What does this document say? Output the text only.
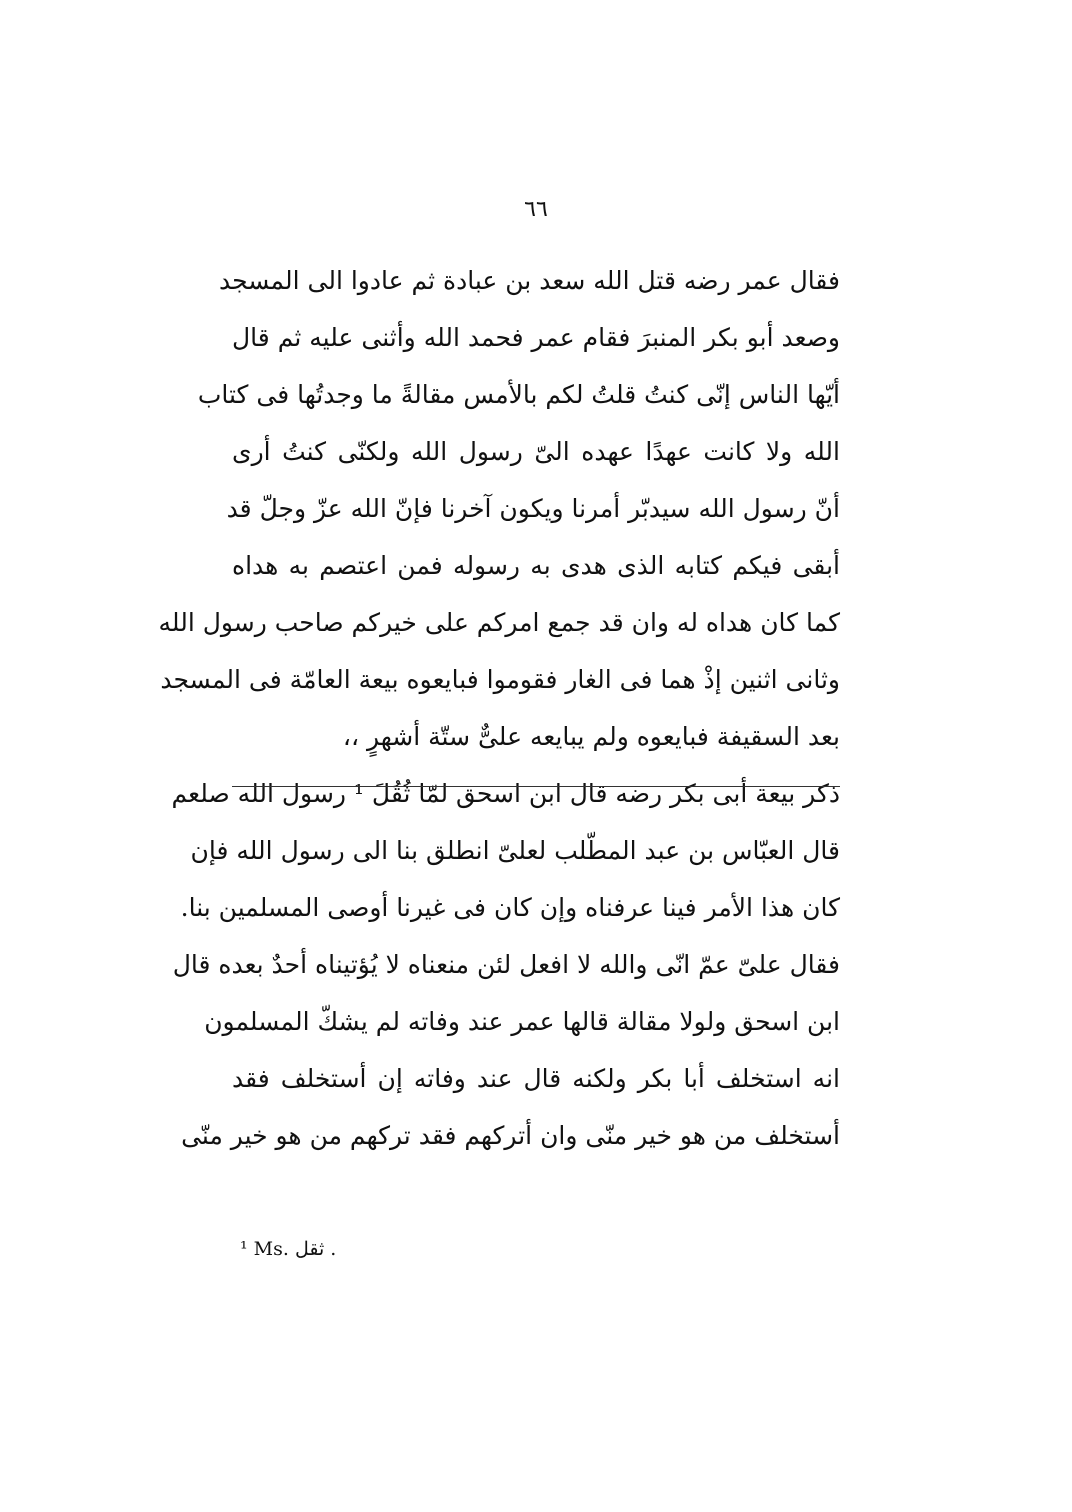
٦٦
فقال عمر رضه قتل الله سعد بن عبادة ثم عادوا الى المسجد
وصعد أبو بكر المنبرَ فقام عمر فحمد الله وأثنى عليه ثم قال
أيّها الناس إنّى كنتُ قلتُ لكم بالأمس مقالةً ما وجدتُها فى كتاب
الله ولا كانت عهدًا عهده الىّ رسول الله ولكنّى كنتُ أرى
أنّ رسول الله سيدبّر أمرنا ويكون آخرنا فإنّ الله عزّ وجلّ قد
أبقى فيكم كتابه الذى هدى به رسوله فمن اعتصم به هداه
كما كان هداه له وان قد جمع امركم على خيركم صاحب رسول الله
وثانى اثنين إذْ هما فى الغار فقوموا فبايعوه بيعة العامّة فى المسجد
بعد السقيفة فبايعوه ولم يبايعه علىٌّ ستّة أشهرٍ ،،
ذكر بيعة أبى بكر رضه قال ابن اسحق لمّا ثُقُلَ ¹ رسول الله صلعم
قال العبّاس بن عبد المطّلب لعلىّ انطلق بنا الى رسول الله فإن
كان هذا الأمر فينا عرفناه وإن كان فى غيرنا أوصى المسلمين بنا.
فقال علىّ عمّ انّى والله لا افعل لئن منعناه لا يُؤتيناه أحدٌ بعده قال
ابن اسحق ولولا مقالة قالها عمر عند وفاته لم يشكّ المسلمون
انه استخلف أبا بكر ولكنه قال عند وفاته إن أستخلف فقد
أستخلف من هو خير منّى وان أتركهم فقد تركهم من هو خير منّى
¹ Ms. ثقل .
